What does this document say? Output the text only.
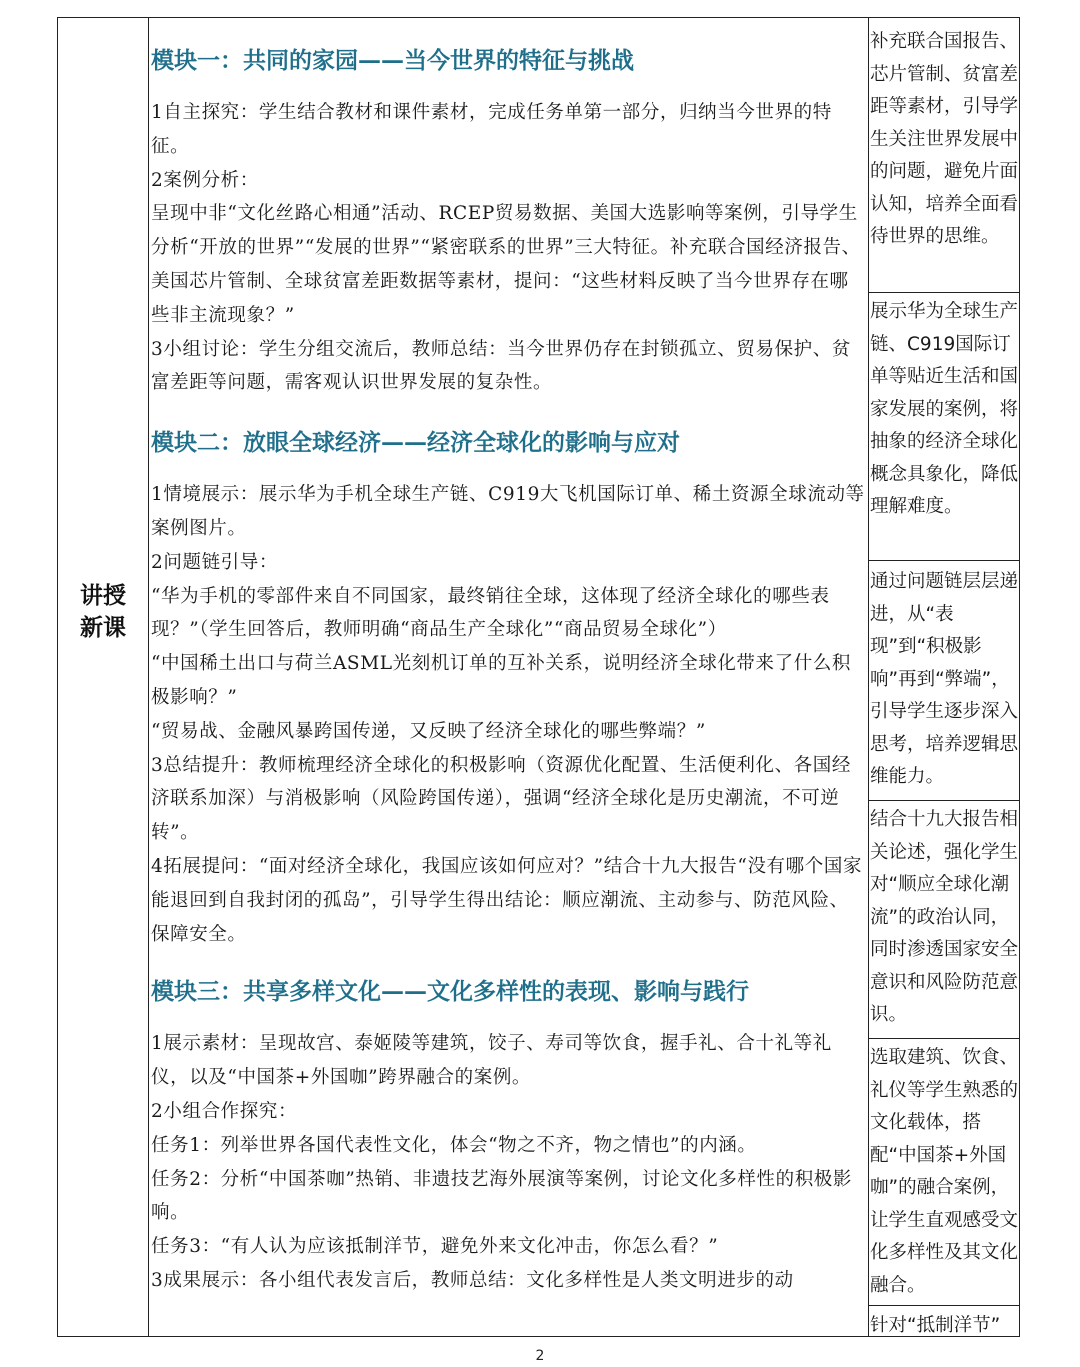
讲授
新课
模块一：共同的家园——当今世界的特征与挑战

1自主探究：学生结合教材和课件素材，完成任务单第一部分，归纳当今世界的特征。

2案例分析：

呈现中非“文化丝路心相通”活动、RCEP贸易数据、美国大选影响等案例，引导学生分析“开放的世界”“发展的世界”“紧密联系的世界”三大特征。补充联合国经济报告、美国芯片管制、全球贫富差距数据等素材，提问：“这些材料反映了当今世界存在哪些非主流现象？”

3小组讨论：学生分组交流后，教师总结：当今世界仍存在封锁孤立、贸易保护、贫富差距等问题，需客观认识世界发展的复杂性。

模块二：放眼全球经济——经济全球化的影响与应对

1情境展示：展示华为手机全球生产链、C919大飞机国际订单、稀土资源全球流动等案例图片。

2问题链引导：

“华为手机的零部件来自不同国家，最终销往全球，这体现了经济全球化的哪些表现？”（学生回答后，教师明确“商品生产全球化”“商品贸易全球化”）

“中国稀土出口与荷兰ASML光刻机订单的互补关系，说明经济全球化带来了什么积极影响？”

“贸易战、金融风暴跨国传递，又反映了经济全球化的哪些弊端？”

3总结提升：教师梳理经济全球化的积极影响（资源优化配置、生活便利化、各国经济联系加深）与消极影响（风险跨国传递），强调“经济全球化是历史潮流，不可逆转”。

4拓展提问：“面对经济全球化，我国应该如何应对？”结合十九大报告“没有哪个国家能退回到自我封闭的孤岛”，引导学生得出结论：顺应潮流、主动参与、防范风险、保障安全。

模块三：共享多样文化——文化多样性的表现、影响与践行

1展示素材：呈现故宫、泰姬陵等建筑，饺子、寿司等饮食，握手礼、合十礼等礼仪，以及“中国茶+外国咖”跨界融合的案例。

2小组合作探究：

任务1：列举世界各国代表性文化，体会“物之不齐，物之情也”的内涵。

任务2：分析“中国茶咖”热销、非遗技艺海外展演等案例，讨论文化多样性的积极影响。

任务3：“有人认为应该抵制洋节，避免外来文化冲击，你怎么看？”

3成果展示：各小组代表发言后，教师总结：文化多样性是人类文明进步的动

补充联合国报告、芯片管制、贫富差距等素材，引导学生关注世界发展中的问题，避免片面认知，培养全面看待世界的思维。

展示华为全球生产链、C919国际订单等贴近生活和国家发展的案例，将抽象的经济全球化概念具象化，降低理解难度。

通过问题链层层递进，从“表现”到“积极影响”再到“弊端”，引导学生逐步深入思考，培养逻辑思维能力。

结合十九大报告相关论述，强化学生对“顺应全球化潮流”的政治认同，同时渗透国家安全意识和风险防范意识。

选取建筑、饮食、礼仪等学生熟悉的文化载体，搭配“中国茶+外国咖”的融合案例，让学生直观感受文化多样性及其文化融合。

针对“抵制洋节”

2
